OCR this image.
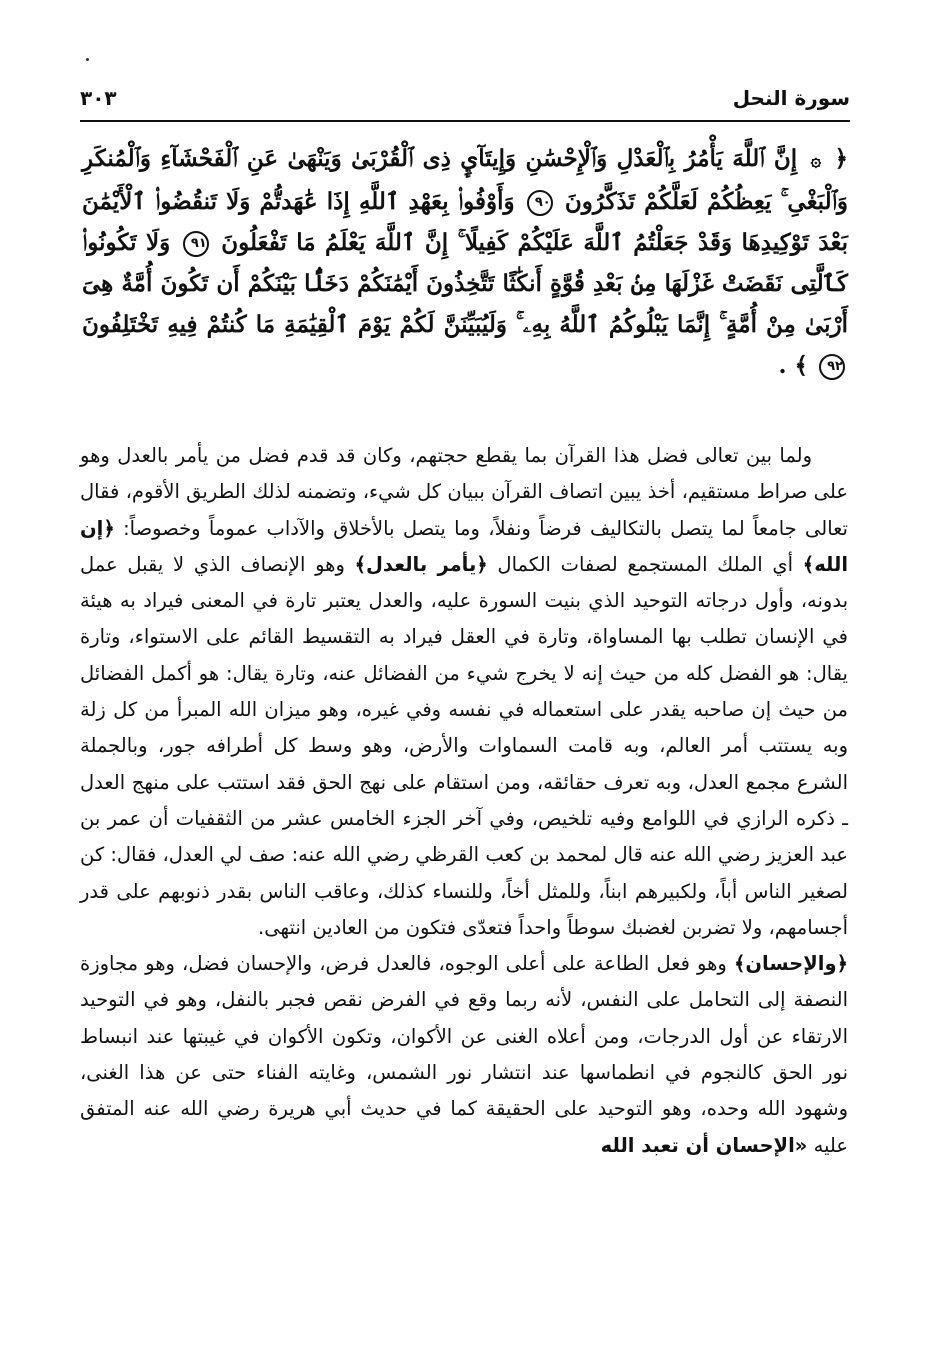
سورة النحل
٣٠٣
﴿ ۞ إِنَّ ٱللَّهَ يَأْمُرُ بِٱلْعَدْلِ وَٱلْإِحْسَٰنِ وَإِيتَآيِٕ ذِى ٱلْقُرْبَىٰ وَيَنْهَىٰ عَنِ ٱلْفَحْشَآءِ وَٱلْمُنكَرِ وَٱلْبَغْىِ ۚ يَعِظُكُمْ لَعَلَّكُمْ تَذَكَّرُونَ ٩٠ وَأَوْفُوا۟ بِعَهْدِ ٱللَّهِ إِذَا عَٰهَدتُّمْ وَلَا تَنقُضُوا۟ ٱلْأَيْمَٰنَ بَعْدَ تَوْكِيدِهَا وَقَدْ جَعَلْتُمُ ٱللَّهَ عَلَيْكُمْ كَفِيلًا ۚ إِنَّ ٱللَّهَ يَعْلَمُ مَا تَفْعَلُونَ ٩١ وَلَا تَكُونُوا۟ كَٱلَّتِى نَقَضَتْ غَزْلَهَا مِنۢ بَعْدِ قُوَّةٍ أَنكَٰثًا تَتَّخِذُونَ أَيْمَٰنَكُمْ دَخَلًۢا بَيْنَكُمْ أَن تَكُونَ أُمَّةٌ هِىَ أَرْبَىٰ مِنْ أُمَّةٍ ۚ إِنَّمَا يَبْلُوكُمُ ٱللَّهُ بِهِۦ ۚ وَلَيُبَيِّنَنَّ لَكُمْ يَوْمَ ٱلْقِيَٰمَةِ مَا كُنتُمْ فِيهِ تَخْتَلِفُونَ ٩٢ ﴾ .

ولما بين تعالى فضل هذا القرآن بما يقطع حجتهم، وكان قد قدم فضل من يأمر بالعدل وهو على صراط مستقيم، أخذ يبين اتصاف القرآن ببيان كل شيء، وتضمنه لذلك الطريق الأقوم، فقال تعالى جامعاً لما يتصل بالتكاليف فرضاً ونفلاً، وما يتصل بالأخلاق والآداب عموماً وخصوصاً: ﴿إن الله﴾ أي الملك المستجمع لصفات الكمال ﴿يأمر بالعدل﴾ وهو الإنصاف الذي لا يقبل عمل بدونه، وأول درجاته التوحيد الذي بنيت السورة عليه، والعدل يعتبر تارة في المعنى فيراد به هيئة في الإنسان تطلب بها المساواة، وتارة في العقل فيراد به التقسيط القائم على الاستواء، وتارة يقال: هو الفضل كله من حيث إنه لا يخرج شيء من الفضائل عنه، وتارة يقال: هو أكمل الفضائل من حيث إن صاحبه يقدر على استعماله في نفسه وفي غيره، وهو ميزان الله المبرأ من كل زلة وبه يستتب أمر العالم، وبه قامت السماوات والأرض، وهو وسط كل أطرافه جور، وبالجملة الشرع مجمع العدل، وبه تعرف حقائقه، ومن استقام على نهج الحق فقد استتب على منهج العدل ـ ذكره الرازي في اللوامع وفيه تلخيص، وفي آخر الجزء الخامس عشر من الثقفيات أن عمر بن عبد العزيز رضي الله عنه قال لمحمد بن كعب القرظي رضي الله عنه: صف لي العدل، فقال: كن لصغير الناس أباً، ولكبيرهم ابناً، وللمثل أخاً، وللنساء كذلك، وعاقب الناس بقدر ذنوبهم على قدر أجسامهم، ولا تضربن لغضبك سوطاً واحداً فتعدّى فتكون من العادين انتهى.

﴿والإحسان﴾ وهو فعل الطاعة على أعلى الوجوه، فالعدل فرض، والإحسان فضل، وهو مجاوزة النصفة إلى التحامل على النفس، لأنه ربما وقع في الفرض نقص فجبر بالنفل، وهو في التوحيد الارتقاء عن أول الدرجات، ومن أعلاه الغنى عن الأكوان، وتكون الأكوان في غيبتها عند انبساط نور الحق كالنجوم في انطماسها عند انتشار نور الشمس، وغايته الفناء حتى عن هذا الغنى، وشهود الله وحده، وهو التوحيد على الحقيقة كما في حديث أبي هريرة رضي الله عنه المتفق عليه «الإحسان أن تعبد الله
